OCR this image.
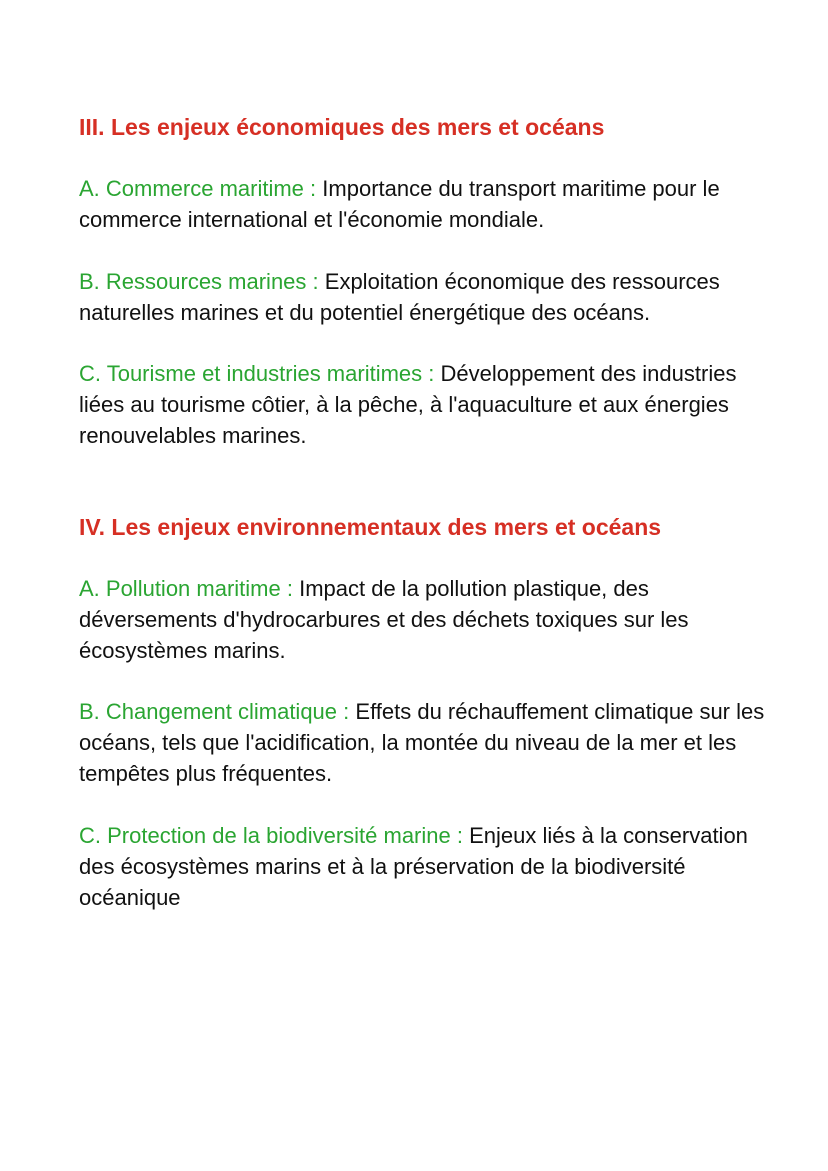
III. Les enjeux économiques des mers et océans

A. Commerce maritime : Importance du transport maritime pour le commerce international et l'économie mondiale.

B. Ressources marines : Exploitation économique des ressources naturelles marines et du potentiel énergétique des océans.

C. Tourisme et industries maritimes : Développement des industries liées au tourisme côtier, à la pêche, à l'aquaculture et aux énergies renouvelables marines.

IV. Les enjeux environnementaux des mers et océans

A. Pollution maritime : Impact de la pollution plastique, des déversements d'hydrocarbures et des déchets toxiques sur les écosystèmes marins.

B. Changement climatique : Effets du réchauffement climatique sur les océans, tels que l'acidification, la montée du niveau de la mer et les tempêtes plus fréquentes.

C. Protection de la biodiversité marine : Enjeux liés à la conservation des écosystèmes marins et à la préservation de la biodiversité océanique
